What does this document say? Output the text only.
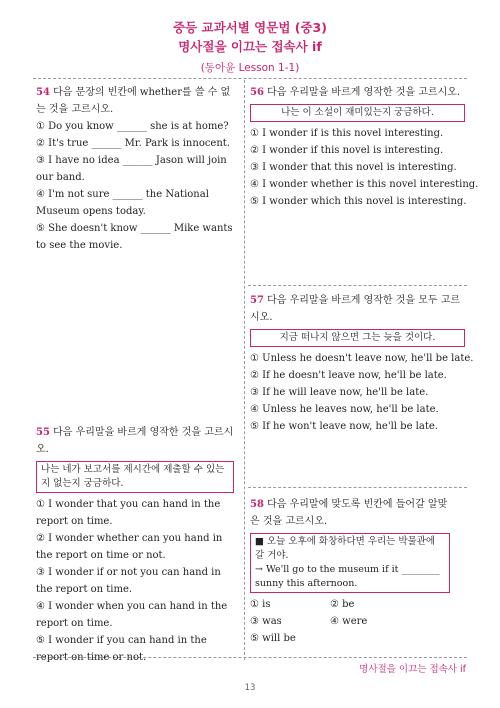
중등 교과서별 영문법 (중3)
명사절을 이끄는 접속사 if
(동아윤 Lesson 1-1)
54 다음 문장의 빈칸에 whether를 쓸 수 없는 것을 고르시오.
① Do you know ______ she is at home?
② It's true ______ Mr. Park is innocent.
③ I have no idea ______ Jason will join our band.
④ I'm not sure ______ the National Museum opens today.
⑤ She doesn't know ______ Mike wants to see the movie.
55 다음 우리말을 바르게 영작한 것을 고르시오.
나는 네가 보고서를 제시간에 제출할 수 있는지 없는지 궁금하다.
① I wonder that you can hand in the report on time.
② I wonder whether can you hand in the report on time or not.
③ I wonder if or not you can hand in the report on time.
④ I wonder when you can hand in the report on time.
⑤ I wonder if you can hand in the report on time or not.
56 다음 우리말을 바르게 영작한 것을 고르시오.
나는 이 소설이 재미있는지 궁금하다.
① I wonder if is this novel interesting.
② I wonder if this novel is interesting.
③ I wonder that this novel is interesting.
④ I wonder whether is this novel interesting.
⑤ I wonder which this novel is interesting.
57 다음 우리말을 바르게 영작한 것을 모두 고르시오.
지금 떠나지 않으면 그는 늦을 것이다.
① Unless he doesn't leave now, he'll be late.
② If he doesn't leave now, he'll be late.
③ If he will leave now, he'll be late.
④ Unless he leaves now, he'll be late.
⑤ If he won't leave now, he'll be late.
58 다음 우리말에 맞도록 빈칸에 들어갈 알맞은 것을 고르시오.
■ 오늘 오후에 화창하다면 우리는 박물관에 갈 거야.
→ We'll go to the museum if it ________ sunny this afternoon.
① is	② be
③ was	④ were
⑤ will be
명사절을 이끄는 접속사 if
13
